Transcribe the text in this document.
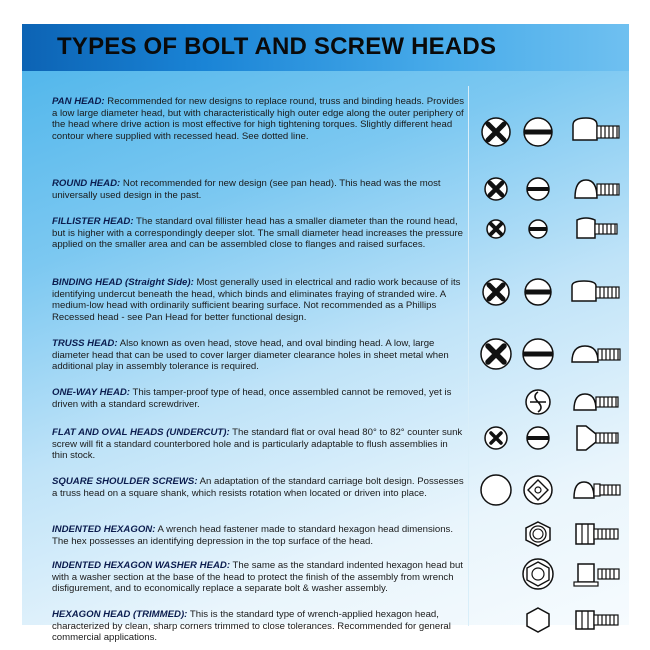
TYPES OF BOLT AND SCREW HEADS
PAN HEAD: Recommended for new designs to replace round, truss and binding heads. Provides a low large diameter head, but with characteristically high outer edge along the outer periphery of the head where drive action is most effective for high tightening torques. Slightly different head contour where supplied with recessed head. See dotted line.
ROUND HEAD: Not recommended for new design (see pan head). This head was the most universally used design in the past.
FILLISTER HEAD: The standard oval fillister head has a smaller diameter than the round head, but is higher with a correspondingly deeper slot. The small diameter head increases the pressure applied on the smaller area and can be assembled close to flanges and raised surfaces.
BINDING HEAD (Straight Side): Most generally used in electrical and radio work because of its identifying undercut beneath the head, which binds and eliminates fraying of stranded wire. A medium-low head with ordinarily sufficient bearing surface. Not recommended as a Phillips Recessed head - see Pan Head for better functional design.
TRUSS HEAD: Also known as oven head, stove head, and oval binding head. A low, large diameter head that can be used to cover larger diameter clearance holes in sheet metal when additional play in assembly tolerance is required.
ONE-WAY HEAD: This tamper-proof type of head, once assembled cannot be removed, yet is driven with a standard screwdriver.
FLAT AND OVAL HEADS (UNDERCUT): The standard flat or oval head 80° to 82° counter sunk screw will fit a standard counterbored hole and is particularly adaptable to flush assemblies in thin stock.
SQUARE SHOULDER SCREWS: An adaptation of the standard carriage bolt design. Possesses a truss head on a square shank, which resists rotation when located or driven into place.
INDENTED HEXAGON: A wrench head fastener made to standard hexagon head dimensions. The hex possesses an identifying depression in the top surface of the head.
INDENTED HEXAGON WASHER HEAD: The same as the standard indented hexagon head but with a washer section at the base of the head to protect the finish of the assembly from wrench disfigurement, and to economically replace a separate bolt & washer assembly.
HEXAGON HEAD (TRIMMED): This is the standard type of wrench-applied hexagon head, characterized by clean, sharp corners trimmed to close tolerances. Recommended for general commercial applications.
